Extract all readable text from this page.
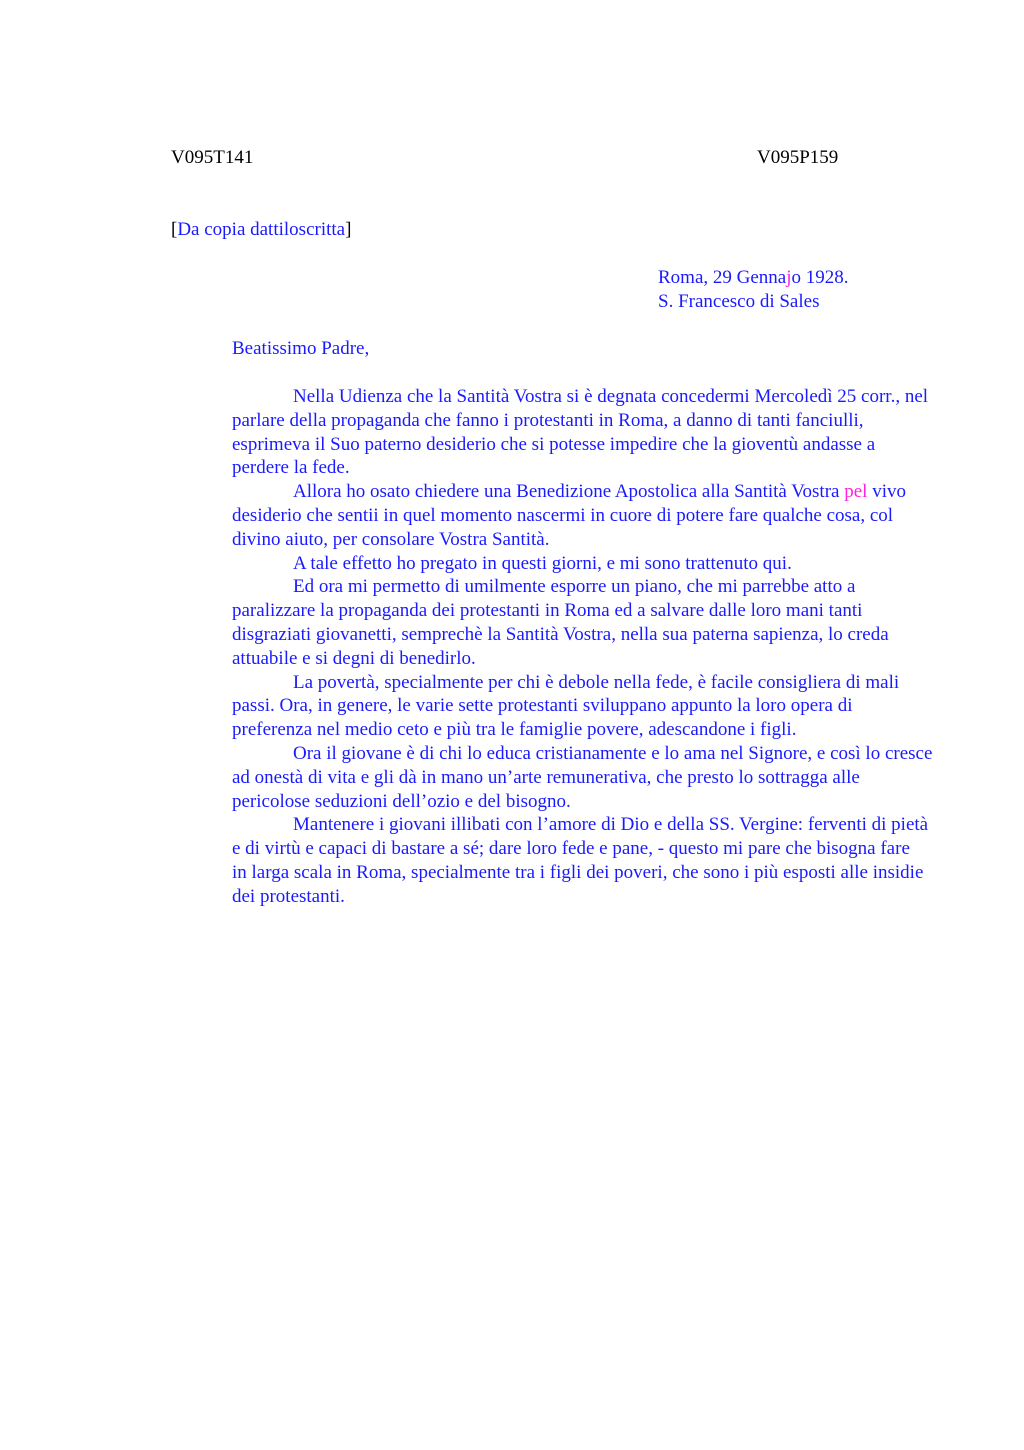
V095T141	V095P159
[Da copia dattiloscritta]
Roma, 29 Gennajo 1928.
S. Francesco di Sales
Beatissimo Padre,
Nella Udienza che la Santità Vostra si è degnata concedermi Mercoledì 25 corr., nel
parlare della propaganda che fanno i protestanti in Roma, a danno di tanti fanciulli,
esprimeva il Suo paterno desiderio che si potesse impedire che la gioventù andasse a
perdere la fede.
Allora ho osato chiedere una Benedizione Apostolica alla Santità Vostra pel vivo
desiderio che sentii in quel momento nascermi in cuore di potere fare qualche cosa, col
divino aiuto, per consolare Vostra Santità.
A tale effetto ho pregato in questi giorni, e mi sono trattenuto qui.
Ed ora mi permetto di umilmente esporre un piano, che mi parrebbe atto a
paralizzare la propaganda dei protestanti in Roma ed a salvare dalle loro mani tanti
disgraziati giovanetti, semprechè la Santità Vostra, nella sua paterna sapienza, lo creda
attuabile e si degni di benedirlo.
La povertà, specialmente per chi è debole nella fede, è facile consigliera di mali
passi. Ora, in genere, le varie sette protestanti sviluppano appunto la loro opera di
preferenza nel medio ceto e più tra le famiglie povere, adescandone i figli.
Ora il giovane è di chi lo educa cristianamente e lo ama nel Signore, e così lo cresce
ad onestà di vita e gli dà in mano un’arte remunerativa, che presto lo sottragga alle
pericolose seduzioni dell’ozio e del bisogno.
Mantenere i giovani illibati con l’amore di Dio e della SS. Vergine: ferventi di pietà
e di virtù e capaci di bastare a sé; dare loro fede e pane, - questo mi pare che bisogna fare
in larga scala in Roma, specialmente tra i figli dei poveri, che sono i più esposti alle insidie
dei protestanti.
